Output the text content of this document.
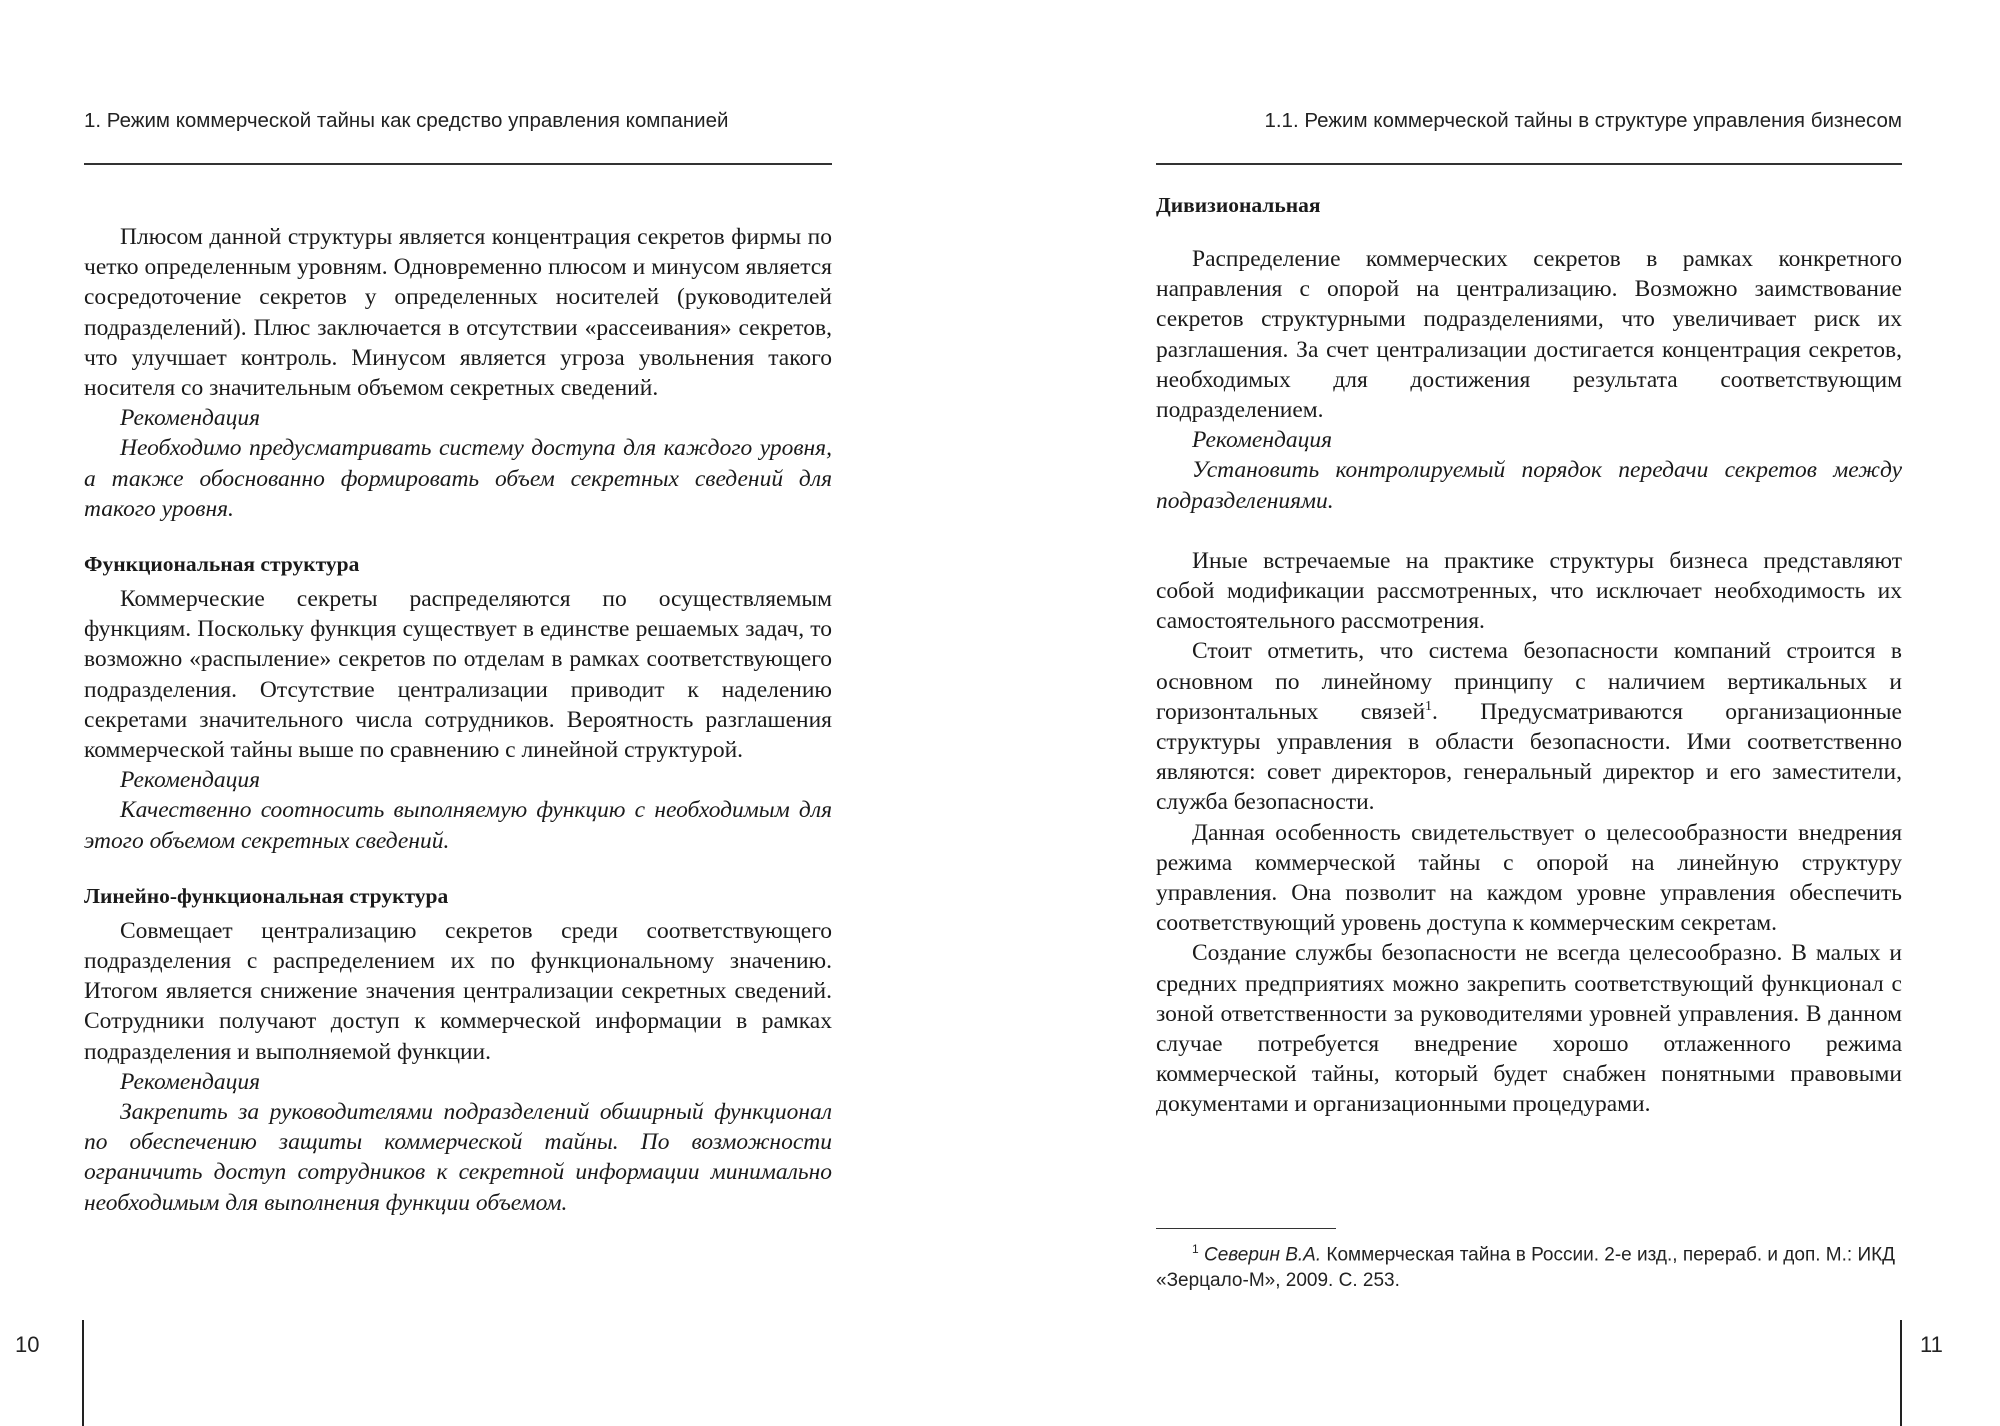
1. Режим коммерческой тайны как средство управления компанией

Плюсом данной структуры является концентрация секретов фирмы по четко определенным уровням. Одновременно плюсом и минусом является сосредоточение секретов у определенных носителей (руководителей подразделений). Плюс заключается в отсутствии «рассеивания» секретов, что улучшает контроль. Минусом является угроза увольнения такого носителя со значительным объемом секретных сведений.

Рекомендация

Необходимо предусматривать систему доступа для каждого уровня, а также обоснованно формировать объем секретных сведений для такого уровня.

Функциональная структура

Коммерческие секреты распределяются по осуществляемым функциям. Поскольку функция существует в единстве решаемых задач, то возможно «распыление» секретов по отделам в рамках соответствующего подразделения. Отсутствие централизации приводит к наделению секретами значительного числа сотрудников. Вероятность разглашения коммерческой тайны выше по сравнению с линейной структурой.

Рекомендация

Качественно соотносить выполняемую функцию с необходимым для этого объемом секретных сведений.

Линейно-функциональная структура

Совмещает централизацию секретов среди соответствующего подразделения с распределением их по функциональному значению. Итогом является снижение значения централизации секретных сведений. Сотрудники получают доступ к коммерческой информации в рамках подразделения и выполняемой функции.

Рекомендация

Закрепить за руководителями подразделений обширный функционал по обеспечению защиты коммерческой тайны. По возможности ограничить доступ сотрудников к секретной информации минимально необходимым для выполнения функции объемом.

10
1.1. Режим коммерческой тайны в структуре управления бизнесом
Дивизиональная

Распределение коммерческих секретов в рамках конкретного направления с опорой на централизацию. Возможно заимствование секретов структурными подразделениями, что увеличивает риск их разглашения. За счет централизации достигается концентрация секретов, необходимых для достижения результата соответствующим подразделением.

Рекомендация

Установить контролируемый порядок передачи секретов между подразделениями.

Иные встречаемые на практике структуры бизнеса представляют собой модификации рассмотренных, что исключает необходимость их самостоятельного рассмотрения.

Стоит отметить, что система безопасности компаний строится в основном по линейному принципу с наличием вертикальных и горизонтальных связей$^1$. Предусматриваются организационные структуры управления в области безопасности. Ими соответственно являются: совет директоров, генеральный директор и его заместители, служба безопасности.

Данная особенность свидетельствует о целесообразности внедрения режима коммерческой тайны с опорой на линейную структуру управления. Она позволит на каждом уровне управления обеспечить соответствующий уровень доступа к коммерческим секретам.

Создание службы безопасности не всегда целесообразно. В малых и средних предприятиях можно закрепить соответствующий функционал с зоной ответственности за руководителями уровней управления. В данном случае потребуется внедрение хорошо отлаженного режима коммерческой тайны, который будет снабжен понятными правовыми документами и организационными процедурами.

$^1$ Северин В.А. Коммерческая тайна в России. 2-е изд., перераб. и доп. М.: ИКД «Зерцало-М», 2009. С. 253.

11
